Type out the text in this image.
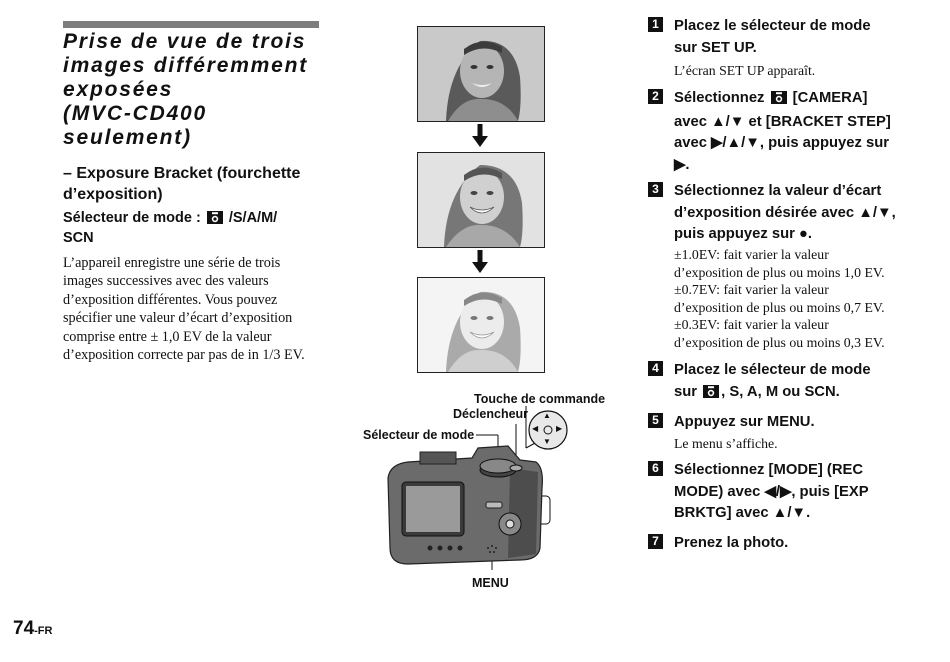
Prise de vue de trois
images différemment
exposées
(MVC-CD400
seulement)
– Exposure Bracket (fourchette
d’exposition)
Sélecteur de mode :  /S/A/M/
SCN
L’appareil enregistre une série de trois
images successives avec des valeurs
d’exposition différentes. Vous pouvez
spécifier une valeur d’écart d’exposition
comprise entre ± 1,0 EV de la valeur
d’exposition correcte par pas de in 1/3 EV.
▲
▼
◀ ▶
Touche de commande
Déclencheur
Sélecteur de mode
MENU
1 Placez le sélecteur de mode
sur SET UP.
L’écran SET UP apparaît.
2 Sélectionnez  [CAMERA]
avec ▲/▼ et [BRACKET STEP]
avec ▶/▲/▼, puis appuyez sur
▶.
3 Sélectionnez la valeur d’écart
d’exposition désirée avec ▲/▼,
puis appuyez sur ●.
±1.0EV: fait varier la valeur
d’exposition de plus ou moins 1,0 EV.
±0.7EV: fait varier la valeur
d’exposition de plus ou moins 0,7 EV.
±0.3EV: fait varier la valeur
d’exposition de plus ou moins 0,3 EV.
4 Placez le sélecteur de mode
sur , S, A, M ou SCN.
5 Appuyez sur MENU.
Le menu s’affiche.
6 Sélectionnez [MODE] (REC
MODE) avec ◀/▶, puis [EXP
BRKTG] avec ▲/▼.
7 Prenez la photo.
74-FR
